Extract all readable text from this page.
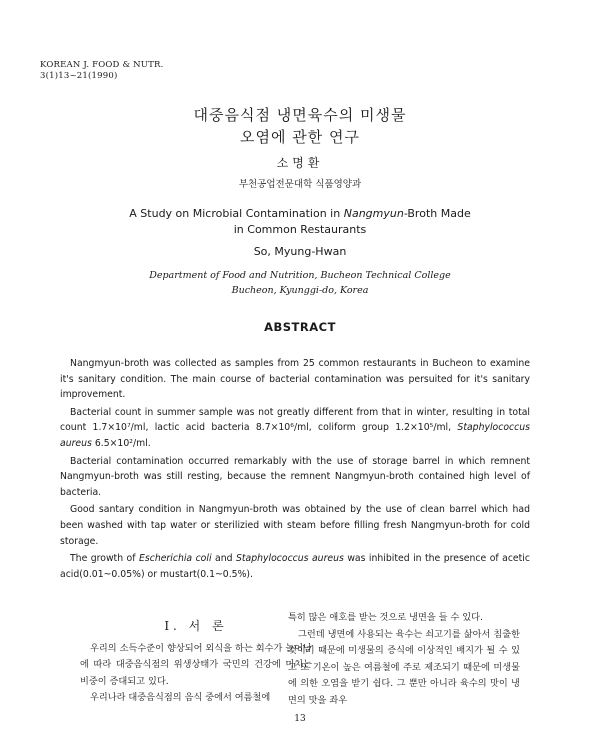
KOREAN J. FOOD & NUTR.
3(1)13~21(1990)
대중음식점 냉면육수의 미생물
오염에 관한 연구
소명환
부천공업전문대학 식품영양과
A Study on Microbial Contamination in Nangmyun-Broth Made
in Common Restaurants
So, Myung-Hwan
Department of Food and Nutrition, Bucheon Technical College
Bucheon, Kyunggi-do, Korea
ABSTRACT

Nangmyun-broth was collected as samples from 25 common restaurants in Bucheon to examine it's sanitary condition. The main course of bacterial contamination was persuited for it's sanitary improvement.

Bacterial count in summer sample was not greatly different from that in winter, resulting in total count 1.7×10⁷/ml, lactic acid bacteria 8.7×10⁶/ml, coliform group 1.2×10⁵/ml, Staphylococcus aureus 6.5×10²/ml.

Bacterial contamination occurred remarkably with the use of storage barrel in which remnent Nangmyun-broth was still resting, because the remnent Nangmyun-broth contained high level of bacteria.

Good santary condition in Nangmyun-broth was obtained by the use of clean barrel which had been washed with tap water or sterilizied with steam before filling fresh Nangmyun-broth for cold storage.

The growth of Escherichia coli and Staphylococcus aureus was inhibited in the presence of acetic acid(0.01~0.05%) or mustart(0.1~0.5%).

I. 서 론

우리의 소득수준이 향상되어 외식을 하는 회수가 늘어남에 따라 대중음식점의 위생상태가 국민의 건강에 미치는 비중이 증대되고 있다.

우리나라 대중음식점의 음식 중에서 여름철에

특히 많은 애호를 받는 것으로 냉면을 들 수 있다.

그런데 냉면에 사용되는 육수는 쇠고기를 삶아서 침출한 것이기 때문에 미생물의 증식에 이상적인 배지가 될 수 있고 또 기온이 높은 여름철에 주로 제조되기 때문에 미생물에 의한 오염을 받기 쉽다. 그 뿐만 아니라 육수의 맛이 냉면의 맛을 좌우

13
